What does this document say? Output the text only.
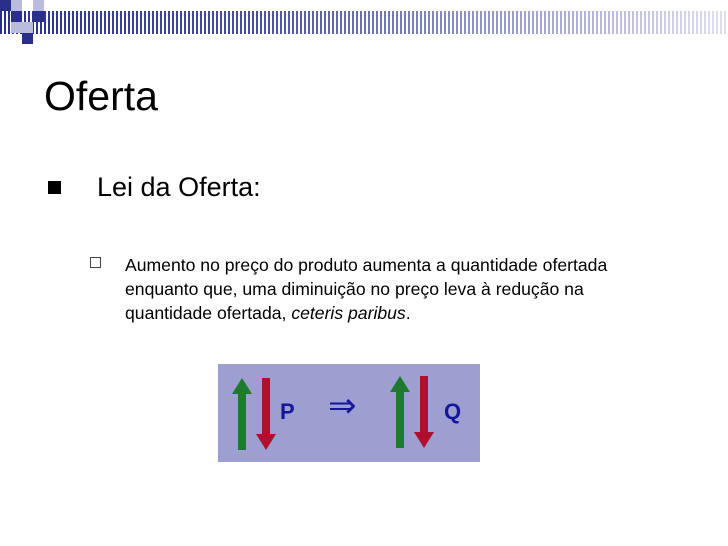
Oferta
Lei da Oferta:

Aumento no preço do produto aumenta a quantidade ofertada

enquanto que, uma diminuição no preço leva à redução na

quantidade ofertada, ceteris paribus.

P ⇒	Q
